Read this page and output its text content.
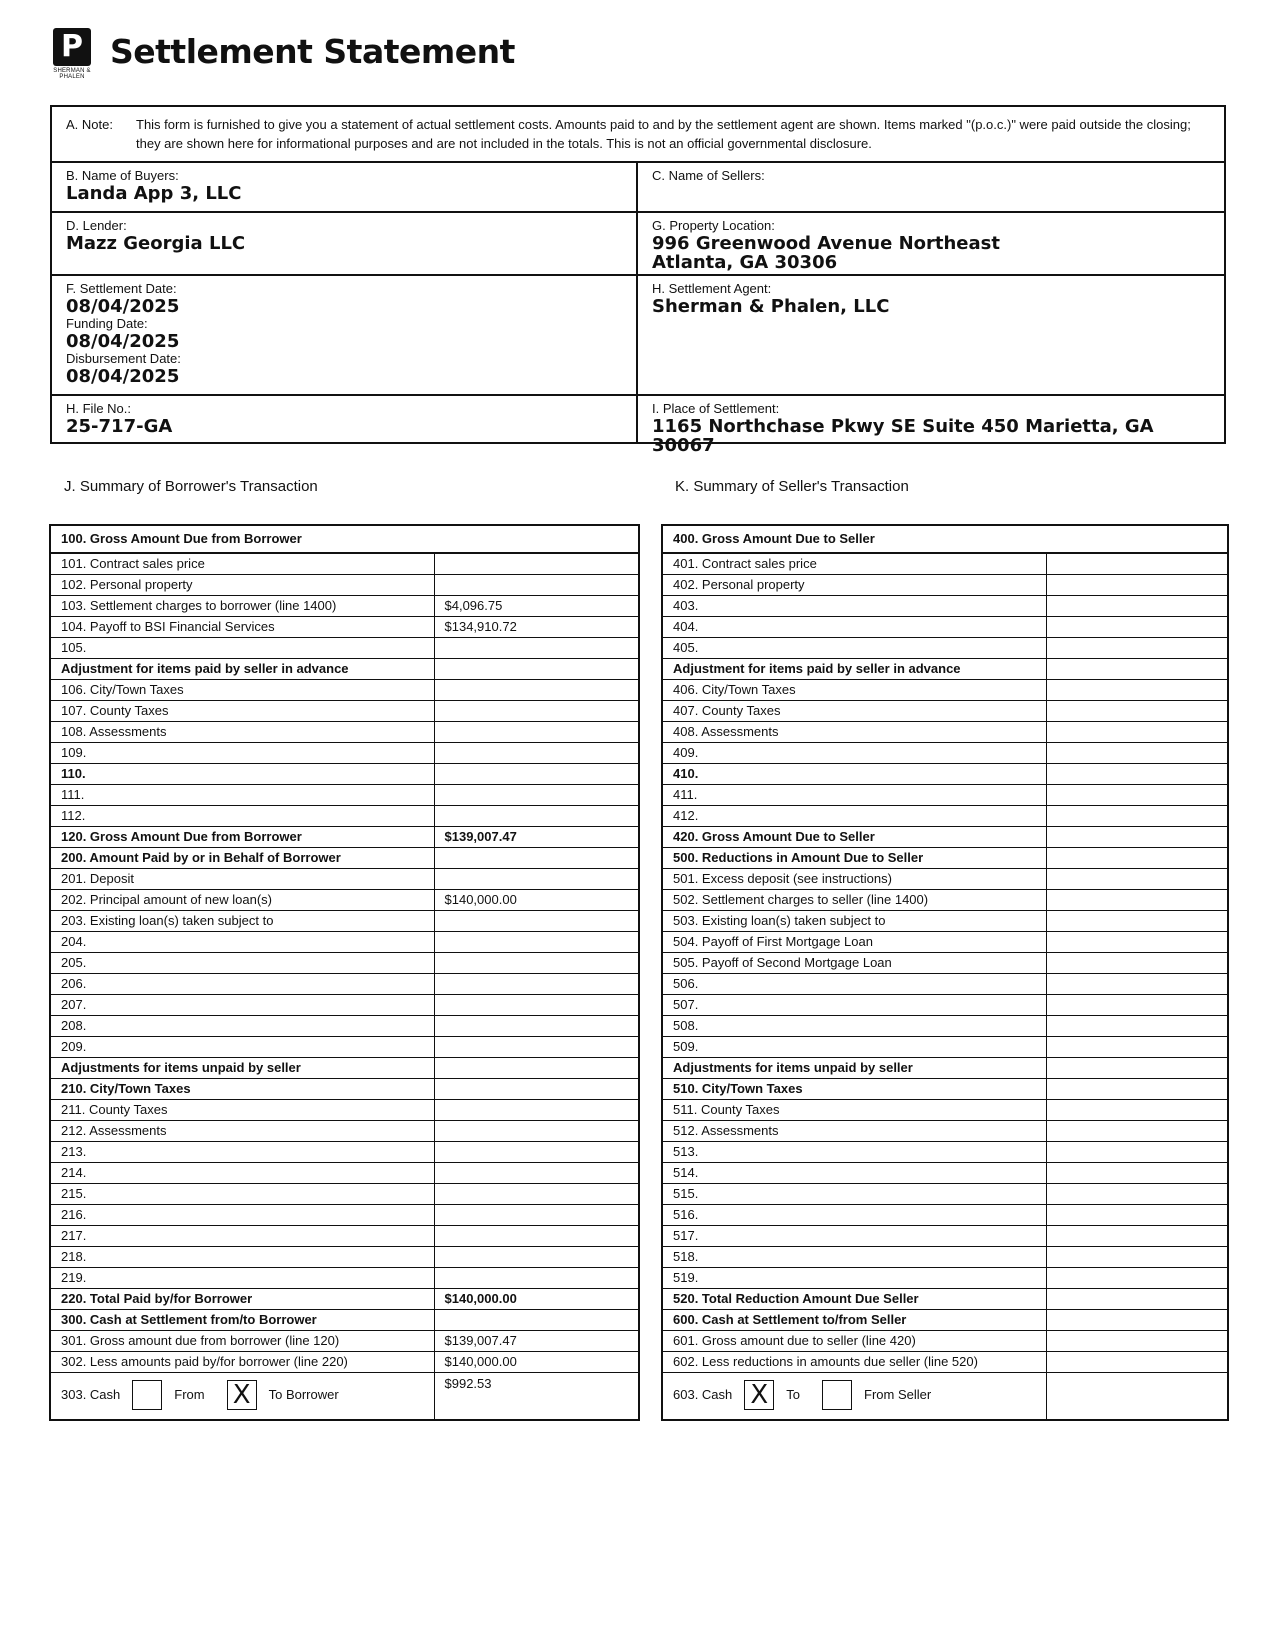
P
SHERMAN & PHALEN
Settlement Statement
A. Note:	This form is furnished to give you a statement of actual settlement costs. Amounts paid to and by the settlement agent are shown. Items marked "(p.o.c.)" were paid outside the closing; they are shown here for informational purposes and are not included in the totals. This is not an official governmental disclosure.
B. Name of Buyers:
Landa App 3, LLC
C. Name of Sellers:
D. Lender:
Mazz Georgia LLC
G. Property Location:
996 Greenwood Avenue Northeast
Atlanta, GA 30306
F. Settlement Date:
08/04/2025
Funding Date:
08/04/2025
Disbursement Date:
08/04/2025
H. Settlement Agent:
Sherman & Phalen, LLC
H. File No.:
25-717-GA
I. Place of Settlement:
1165 Northchase Pkwy SE Suite 450 Marietta, GA 30067
J. Summary of Borrower's Transaction	K. Summary of Seller's Transaction
100. Gross Amount Due from Borrower	
101. Contract sales price	
102. Personal property	
103. Settlement charges to borrower (line 1400)	$4,096.75
104. Payoff to BSI Financial Services	$134,910.72
105.	
Adjustment for items paid by seller in advance	
106. City/Town Taxes	
107. County Taxes	
108. Assessments	
109.	
110.	
111.	
112.	
120. Gross Amount Due from Borrower	$139,007.47
200. Amount Paid by or in Behalf of Borrower	
201. Deposit	
202. Principal amount of new loan(s)	$140,000.00
203. Existing loan(s) taken subject to	
204.	
205.	
206.	
207.	
208.	
209.	
Adjustments for items unpaid by seller	
210. City/Town Taxes	
211. County Taxes	
212. Assessments	
213.	
214.	
215.	
216.	
217.	
218.	
219.	
220. Total Paid by/for Borrower	$140,000.00
300. Cash at Settlement from/to Borrower	
301. Gross amount due from borrower (line 120)	$139,007.47
302. Less amounts paid by/for borrower (line 220)	$140,000.00

303. Cash From X To Borrower	$992.53
400. Gross Amount Due to Seller	
401. Contract sales price	
402. Personal property	
403.	
404.	
405.	
Adjustment for items paid by seller in advance	
406. City/Town Taxes	
407. County Taxes	
408. Assessments	
409.	
410.	
411.	
412.	
420. Gross Amount Due to Seller	
500. Reductions in Amount Due to Seller	
501. Excess deposit (see instructions)	
502. Settlement charges to seller (line 1400)	
503. Existing loan(s) taken subject to	
504. Payoff of First Mortgage Loan	
505. Payoff of Second Mortgage Loan	
506.	
507.	
508.	
509.	
Adjustments for items unpaid by seller	
510. City/Town Taxes	
511. County Taxes	
512. Assessments	
513.	
514.	
515.	
516.	
517.	
518.	
519.	
520. Total Reduction Amount Due Seller	
600. Cash at Settlement to/from Seller	
601. Gross amount due to seller (line 420)	
602. Less reductions in amounts due seller (line 520)	

603. Cash X To From Seller	
